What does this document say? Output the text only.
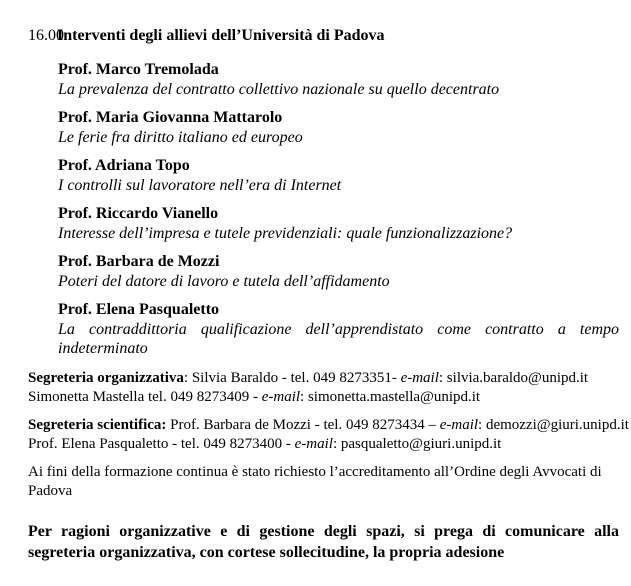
16.00Interventi degli allievi dell’Università di Padova
Prof. Marco Tremolada
La prevalenza del contratto collettivo nazionale su quello decentrato
Prof. Maria Giovanna Mattarolo
Le ferie fra diritto italiano ed europeo
Prof. Adriana Topo
I controlli sul lavoratore nell’era di Internet
Prof. Riccardo Vianello
Interesse dell’impresa e tutele previdenziali: quale funzionalizzazione?
Prof. Barbara de Mozzi
Poteri del datore di lavoro e tutela dell’affidamento
Prof. Elena Pasqualetto
La contraddittoria qualificazione dell’apprendistato come contratto a tempo indeterminato
Segreteria organizzativa: Silvia Baraldo - tel. 049 8273351- e-mail: silvia.baraldo@unipd.it
Simonetta Mastella tel. 049 8273409 - e-mail: simonetta.mastella@unipd.it
Segreteria scientifica: Prof. Barbara de Mozzi - tel. 049 8273434 – e-mail: demozzi@giuri.unipd.it
Prof. Elena Pasqualetto - tel. 049 8273400 - e-mail: pasqualetto@giuri.unipd.it

Ai fini della formazione continua è stato richiesto l’accreditamento all’Ordine degli Avvocati di Padova

Per ragioni organizzative e di gestione degli spazi, si prega di comunicare alla segreteria organizzativa, con cortese sollecitudine, la propria adesione
